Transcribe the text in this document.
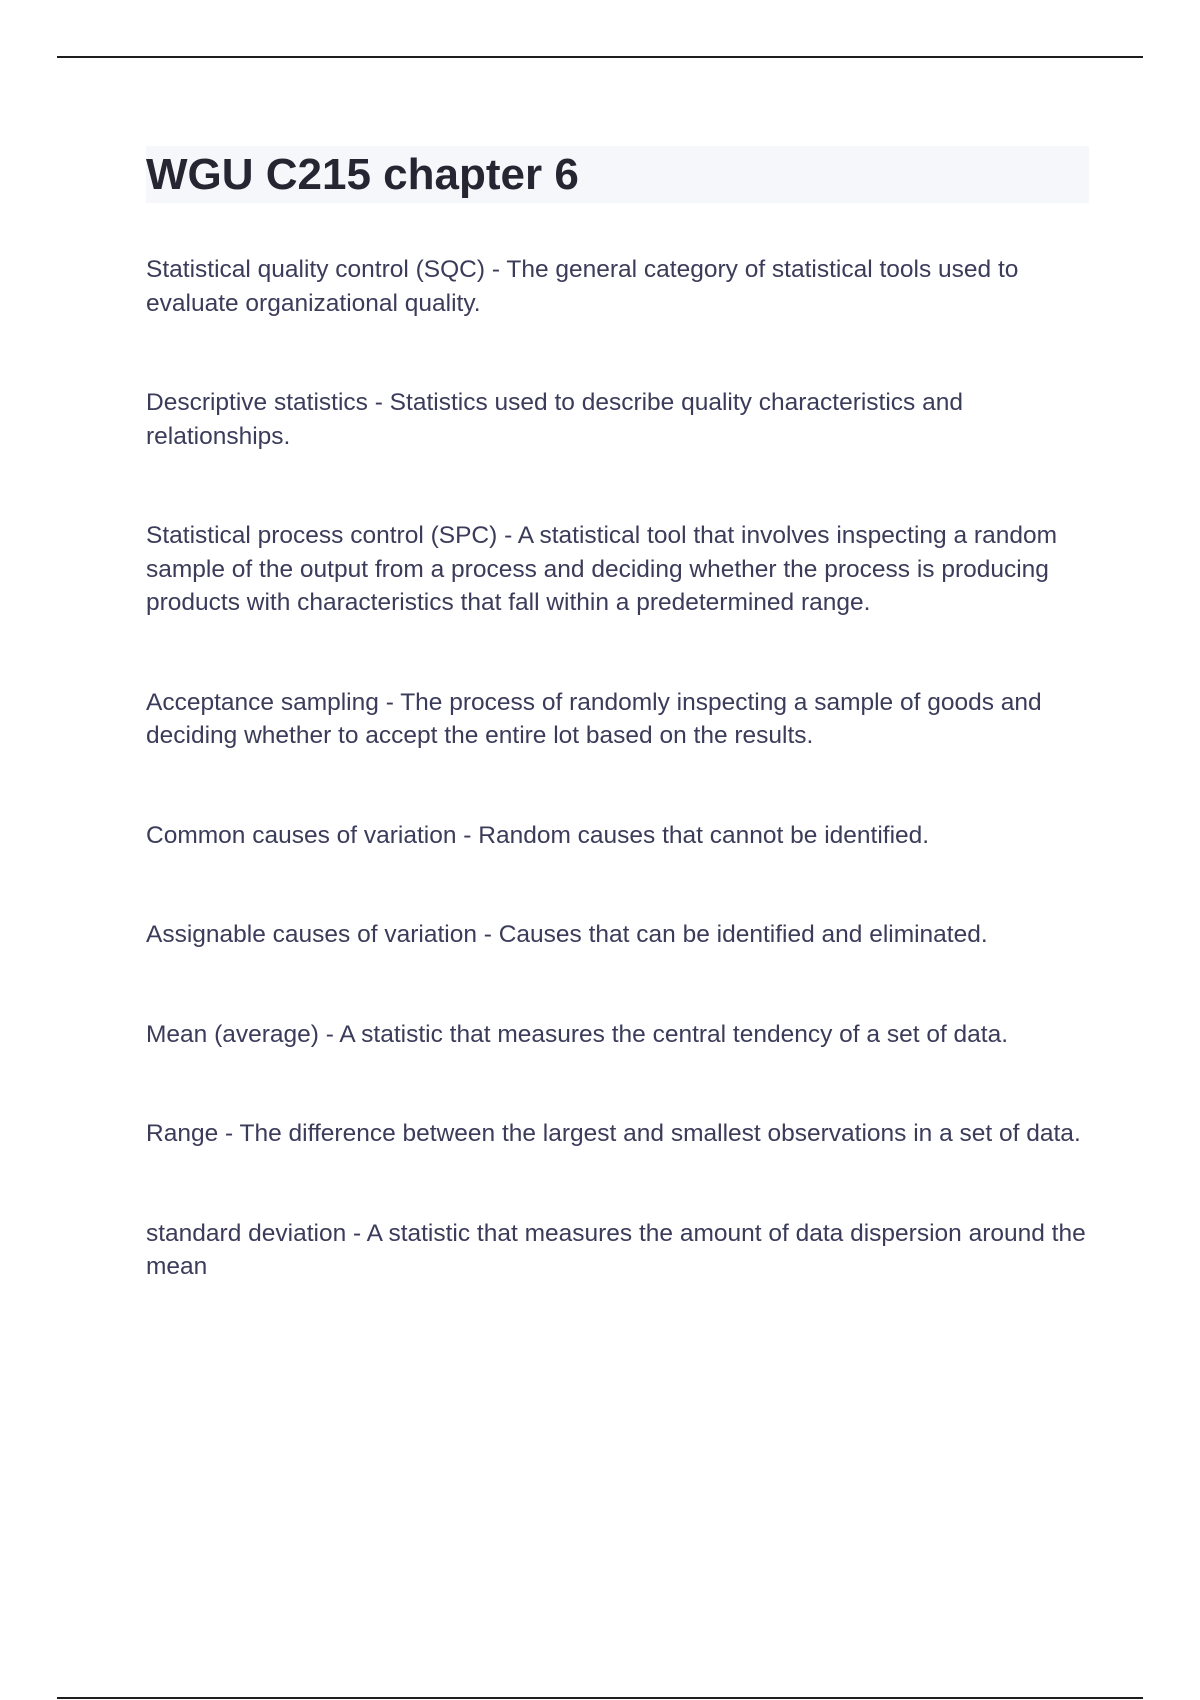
WGU C215 chapter 6
Statistical quality control (SQC) - The general category of statistical tools used to evaluate organizational quality.
Descriptive statistics - Statistics used to describe quality characteristics and relationships.
Statistical process control (SPC) - A statistical tool that involves inspecting a random sample of the output from a process and deciding whether the process is producing products with characteristics that fall within a predetermined range.
Acceptance sampling - The process of randomly inspecting a sample of goods and deciding whether to accept the entire lot based on the results.
Common causes of variation - Random causes that cannot be identified.
Assignable causes of variation - Causes that can be identified and eliminated.
Mean (average) - A statistic that measures the central tendency of a set of data.
Range - The difference between the largest and smallest observations in a set of data.
standard deviation - A statistic that measures the amount of data dispersion around the mean
